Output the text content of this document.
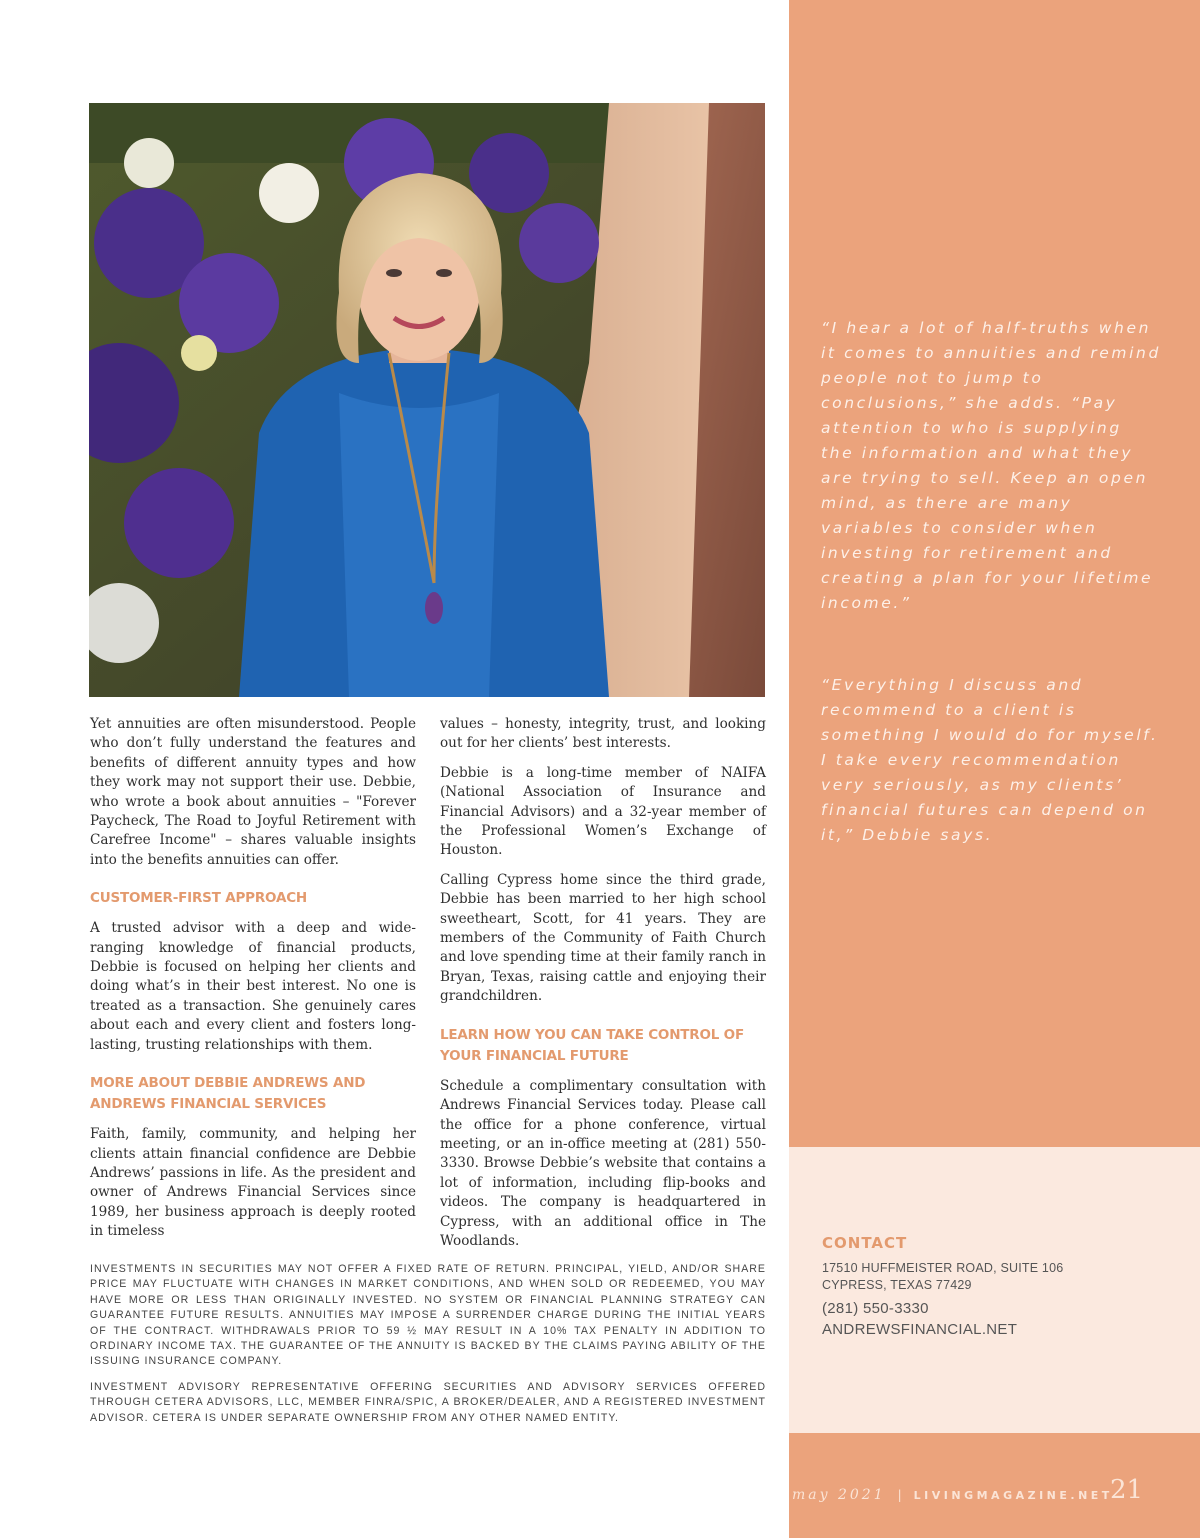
“I hear a lot of half-truths when it comes to annuities and remind people not to jump to conclusions,” she adds. “Pay attention to who is supplying the information and what they are trying to sell. Keep an open mind, as there are many variables to consider when investing for retirement and creating a plan for your lifetime income.”

“Everything I discuss and recommend to a client is something I would do for myself. I take every recommendation very seriously, as my clients’ financial futures can depend on it,” Debbie says.

CONTACT
17510 HUFFMEISTER ROAD, SUITE 106
CYPRESS, TEXAS 77429
(281) 550-3330
ANDREWSFINANCIAL.NET
may 2021 | LIVINGMAGAZINE.NET
21

Yet annuities are often misunderstood. People who don’t fully understand the features and benefits of different annuity types and how they work may not support their use. Debbie, who wrote a book about annuities – "Forever Paycheck, The Road to Joyful Retirement with Carefree Income" – shares valuable insights into the benefits annuities can offer.

CUSTOMER-FIRST APPROACH

A trusted advisor with a deep and wide-ranging knowledge of financial products, Debbie is focused on helping her clients and doing what’s in their best interest. No one is treated as a transaction. She genuinely cares about each and every client and fosters long-lasting, trusting relationships with them.

MORE ABOUT DEBBIE ANDREWS AND ANDREWS FINANCIAL SERVICES

Faith, family, community, and helping her clients attain financial confidence are Debbie Andrews’ passions in life. As the president and owner of Andrews Financial Services since 1989, her business approach is deeply rooted in timeless

values – honesty, integrity, trust, and looking out for her clients’ best interests.

Debbie is a long-time member of NAIFA (National Association of Insurance and Financial Advisors) and a 32-year member of the Professional Women’s Exchange of Houston.

Calling Cypress home since the third grade, Debbie has been married to her high school sweetheart, Scott, for 41 years. They are members of the Community of Faith Church and love spending time at their family ranch in Bryan, Texas, raising cattle and enjoying their grandchildren.

LEARN HOW YOU CAN TAKE CONTROL OF YOUR FINANCIAL FUTURE

Schedule a complimentary consultation with Andrews Financial Services today. Please call the office for a phone conference, virtual meeting, or an in-office meeting at (281) 550-3330. Browse Debbie’s website that contains a lot of information, including flip-books and videos. The company is headquartered in Cypress, with an additional office in The Woodlands.

INVESTMENTS IN SECURITIES MAY NOT OFFER A FIXED RATE OF RETURN. PRINCIPAL, YIELD, AND/OR SHARE PRICE MAY FLUCTUATE WITH CHANGES IN MARKET CONDITIONS, AND WHEN SOLD OR REDEEMED, YOU MAY HAVE MORE OR LESS THAN ORIGINALLY INVESTED. NO SYSTEM OR FINANCIAL PLANNING STRATEGY CAN GUARANTEE FUTURE RESULTS. ANNUITIES MAY IMPOSE A SURRENDER CHARGE DURING THE INITIAL YEARS OF THE CONTRACT. WITHDRAWALS PRIOR TO 59 ½ MAY RESULT IN A 10% TAX PENALTY IN ADDITION TO ORDINARY INCOME TAX. THE GUARANTEE OF THE ANNUITY IS BACKED BY THE CLAIMS PAYING ABILITY OF THE ISSUING INSURANCE COMPANY.

INVESTMENT ADVISORY REPRESENTATIVE OFFERING SECURITIES AND ADVISORY SERVICES OFFERED THROUGH CETERA ADVISORS, LLC, MEMBER FINRA/SPIC, A BROKER/DEALER, AND A REGISTERED INVESTMENT ADVISOR. CETERA IS UNDER SEPARATE OWNERSHIP FROM ANY OTHER NAMED ENTITY.
